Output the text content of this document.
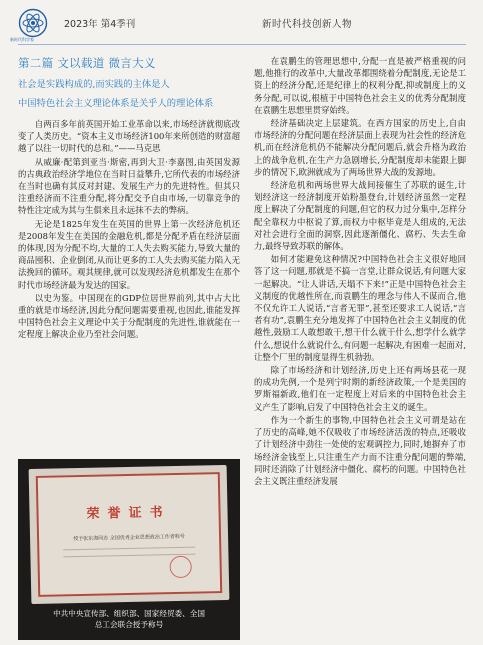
新时代科学家
2023年 第4季刊	新时代科技创新人物
第二篇 文以载道 微言大义
社会是实践构成的,而实践的主体是人
中国特色社会主义理论体系是关乎人的理论体系

自两百多年前英国开始工业革命以来,市场经济就彻底改变了人类历史。“资本主义市场经济100年来所创造的财富超越了以往一切时代的总和。”——马克思

从威廉·配第到亚当·斯密,再到大卫·李嘉图,由英国发源的古典政治经济学地位在当时日益攀升,它所代表的市场经济在当时也确有其反对封建、发展生产力的先进特性。但其只注重经济而不注重分配,将分配交予自由市场,一切靠竞争的特性注定成为其与生俱来且永远抹不去的弊病。

无论是1825年发生在英国的世界上第一次经济危机还是2008年发生在美国的金融危机,都是分配矛盾在经济层面的体现,因为分配不均,大量的工人失去购买能力,导致大量的商品囤积、企业倒闭,从而让更多的工人失去购买能力陷入无法挽回的循环。观其规律,就可以发现经济危机都发生在那个时代市场经济最为发达的国家。

以史为鉴。中国现在的GDP位居世界前列,其中占大比重的就是市场经济,因此分配问题需要重视,也因此,谁能发挥中国特色社会主义理论中关于分配制度的先进性,谁就能在一定程度上解决企业乃至社会问题。

荣誉证书
授予张东海同志 全国优秀企业思想政治工作者称号
中共中央宣传部、组织部、国家经贸委、全国
总工会联合授予称号

在袁鹏生的管理思想中,分配一直是被严格重视的问题,他推行的改革中,大量改革都围绕着分配制度,无论是工资上的经济分配,还是纪律上的权利分配,抑或制度上的义务分配,可以说,根植于中国特色社会主义的优秀分配制度在袁鹏生思想里贯穿始终。

经济基础决定上层建筑。在西方国家的历史上,自由市场经济的分配问题在经济层面上表现为社会性的经济危机,而在经济危机仍不能解决分配问题后,就会升格为政治上的战争危机,在生产力急剧增长,分配制度却未能跟上脚步的情况下,欧洲就成为了两场世界大战的发源地。

经济危机和两场世界大战间接催生了苏联的诞生,计划经济这一经济制度开始粉墨登台,计划经济虽然一定程度上解决了分配制度的问题,但它的权力过分集中,怎样分配全靠权力中枢说了算,而权力中枢毕竟是人组成的,无法对社会进行全面的洞察,因此逐渐僵化、腐朽、失去生命力,最终导致苏联的解体。

如何才能避免这种情况?中国特色社会主义很好地回答了这一问题,那就是不搞一言堂,让群众说话,有问题大家一起解决。“让人讲话,天塌不下来!”正是中国特色社会主义制度的优越性所在,而袁鹏生的理念与伟人不谋而合,他不仅允许工人说话,“言者无罪”,甚至还要求工人说话,“言者有功”,袁鹏生充分地发挥了中国特色社会主义制度的优越性,鼓励工人敢想敢干,想干什么就干什么,想学什么就学什么,想说什么就说什么,有问题一起解决,有困难一起面对,让整个厂里的制度显得生机勃勃。

除了市场经济和计划经济,历史上还有两场县花一现的成功先例,一个是列宁时期的新经济政策,一个是美国的罗斯福新政,他们在一定程度上对后来的中国特色社会主义产生了影响,启发了中国特色社会主义的诞生。

作为一个新生的事物,中国特色社会主义可谓是站在了历史的高峰,她不仅吸收了市场经济活泼的特点,还吸收了计划经济中劲往一处使的宏观调控力,同时,她摒弃了市场经济金钱至上,只注重生产力而不注重分配问题的弊端,同时还消除了计划经济中僵化、腐朽的问题。中国特色社会主义既注重经济发展
